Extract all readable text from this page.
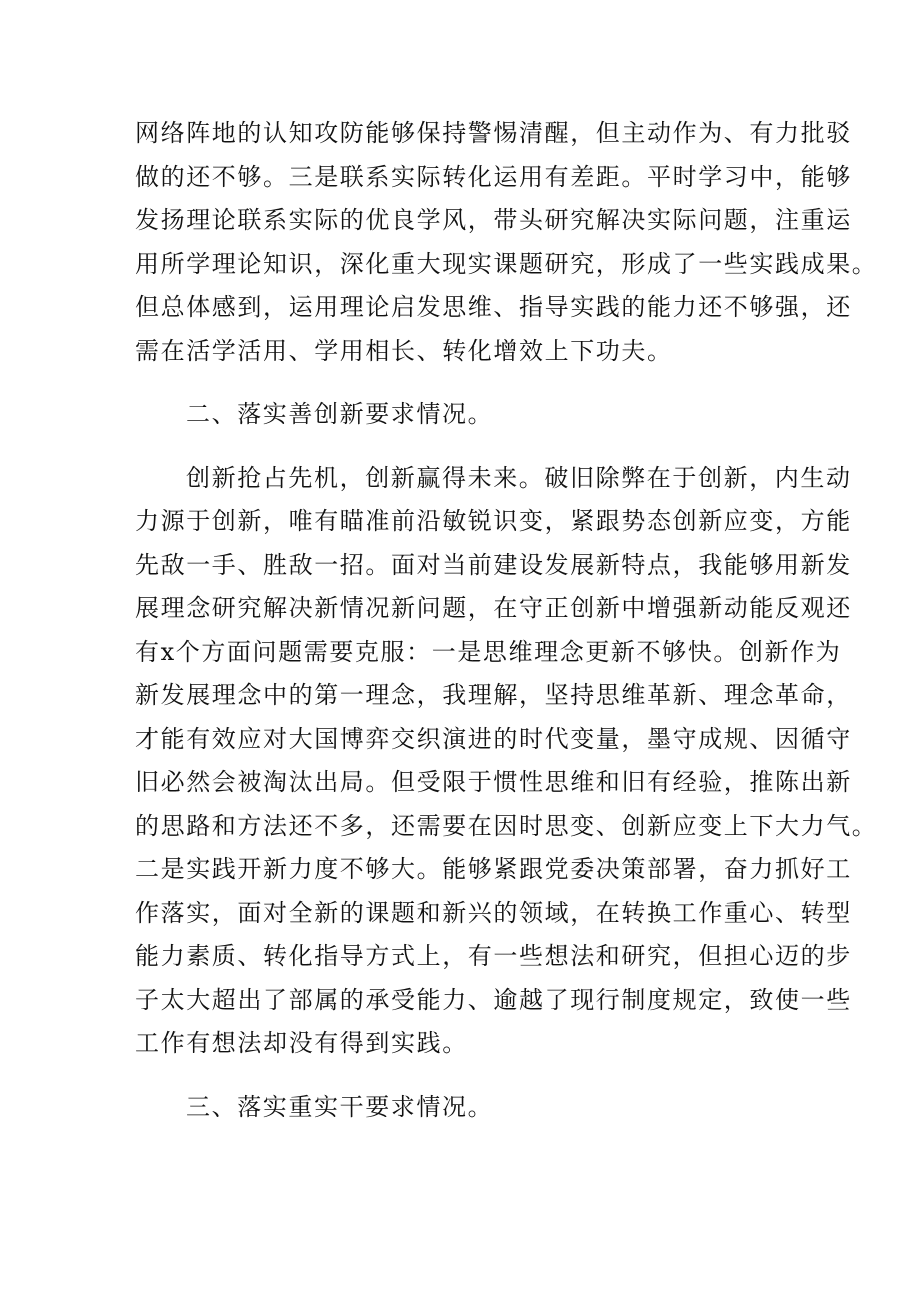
网络阵地的认知攻防能够保持警惕清醒，但主动作为、有力批驳
做的还不够。三是联系实际转化运用有差距。平时学习中，能够
发扬理论联系实际的优良学风，带头研究解决实际问题，注重运
用所学理论知识，深化重大现实课题研究，形成了一些实践成果。
但总体感到，运用理论启发思维、指导实践的能力还不够强，还
需在活学活用、学用相长、转化增效上下功夫。
二、落实善创新要求情况。
创新抢占先机，创新赢得未来。破旧除弊在于创新，内生动
力源于创新，唯有瞄准前沿敏锐识变，紧跟势态创新应变，方能
先敌一手、胜敌一招。面对当前建设发展新特点，我能够用新发
展理念研究解决新情况新问题，在守正创新中增强新动能反观还
有x个方面问题需要克服：一是思维理念更新不够快。创新作为
新发展理念中的第一理念，我理解，坚持思维革新、理念革命，
才能有效应对大国博弈交织演进的时代变量，墨守成规、因循守
旧必然会被淘汰出局。但受限于惯性思维和旧有经验，推陈出新
的思路和方法还不多，还需要在因时思变、创新应变上下大力气。
二是实践开新力度不够大。能够紧跟党委决策部署，奋力抓好工
作落实，面对全新的课题和新兴的领域，在转换工作重心、转型
能力素质、转化指导方式上，有一些想法和研究，但担心迈的步
子太大超出了部属的承受能力、逾越了现行制度规定，致使一些
工作有想法却没有得到实践。
三、落实重实干要求情况。
